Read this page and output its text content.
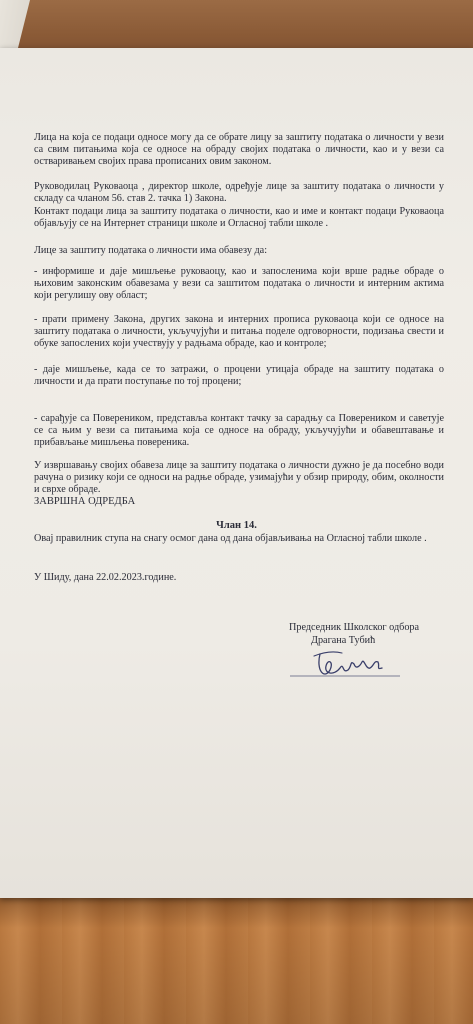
Лица на која се подаци односе могу да се обрате лицу за заштиту података о личности у вези са свим питањима која се односе на обраду својих података о личности, као и у вези са остваривањем својих права прописаних овим законом.
Руководилац Руковаоца , директор школе, одређује лице за заштиту података о личности у складу са чланом 56. став 2. тачка 1) Закона.
Контакт подаци лица за заштиту података о личности, као и име и контакт подаци Руковаоца објављују се на Интернет страници школе и Огласној табли школе .
Лице за заштиту података о личности има обавезу да:
- информише и даје мишљење руковаоцу, као и запосленима који врше радње обраде о њиховим законским обавезама у вези са заштитом података о личности и интерним актима који регулишу ову област;
- прати примену Закона, других закона и интерних прописа руковаоца који се односе на заштиту података о личности, укључујући и питања поделе одговорности, подизања свести и обуке запослених који учествују у радњама обраде, као и контроле;
- даје мишљење, када се то затражи, о процени утицаја обраде на заштиту података о личности и да прати поступање по тој процени;
- сарађује са Повереником, представља контакт тачку за сарадњу са Повереником и саветује се са њим у вези са питањима која се односе на обраду, укључујући и обавештавање и прибављање мишљења повереника.
У извршавању својих обавеза лице за заштиту података о личности дужно је да посебно води рачуна о ризику који се односи на радње обраде, узимајући у обзир природу, обим, околности и сврхе обраде.
ЗАВРШНА ОДРЕДБА
Члан 14.
Овај правилник ступа на снагу осмог дана од дана објављивања на Огласној табли школе .
У Шиду, дана 22.02.2023.године.
Председник Школског одбора
Драгана Тубић
